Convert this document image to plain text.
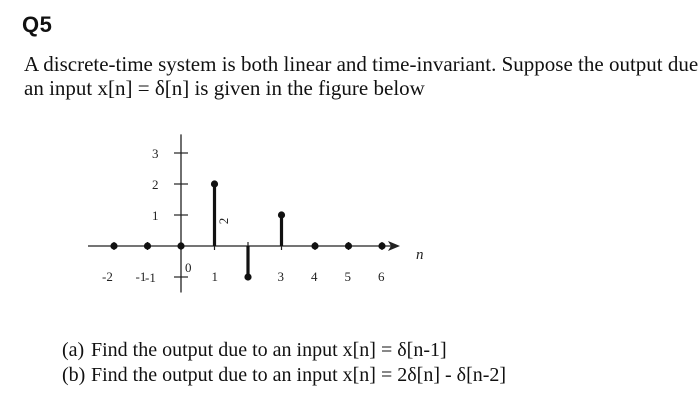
Q5
A discrete-time system is both linear and time-invariant. Suppose the output due
an input x[n] = δ[n] is given in the figure below
n
3
2
1
-1
-2 -1
0
1	3 4 5 6
2
(a) Find the output due to an input x[n] = δ[n-1]
(b) Find the output due to an input x[n] = 2δ[n] - δ[n-2]
